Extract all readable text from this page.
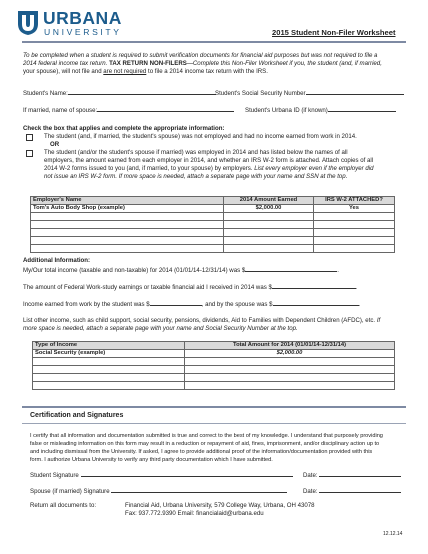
URBANA
UNIVERSITY	2015 Student Non-Filer Worksheet
To be completed when a student is required to submit verification documents for financial aid purposes but was not required to file a
2014 federal income tax return. TAX RETURN NON-FILERS—Complete this Non-Filer Worksheet if you, the student (and, if married,
your spouse), will not file and are not required to file a 2014 income tax return with the IRS.
Student's Name:	Student's Social Security Number
If married, name of spouse:	Student's Urbana ID (if known)
Check the box that applies and complete the appropriate information:
The student (and, if married, the student's spouse) was not employed and had no income earned from work in 2014.
OR
The student (and/or the student's spouse if married) was employed in 2014 and has listed below the names of all
employers, the amount earned from each employer in 2014, and whether an IRS W-2 form is attached. Attach copies of all
2014 W-2 forms issued to you (and, if married, to your spouse) by employers. List every employer even if the employer did
not issue an IRS W-2 form. If more space is needed, attach a separate page with your name and SSN at the top.
Employer's Name	2014 Amount Earned	IRS W-2 ATTACHED?
Tom's Auto Body Shop (example)	$2,000.00	Yes

Additional Information:
My/Our total income (taxable and non-taxable) for 2014 (01/01/14-12/31/14) was $	.
The amount of Federal Work-study earnings or taxable financial aid I received in 2014 was $	.
Income earned from work by the student was $	, and by the spouse was $	.
List other income, such as child support, social security, pensions, dividends, Aid to Families with Dependent Children (AFDC), etc. If
more space is needed, attach a separate page with your name and Social Security Number at the top.
Type of Income	Total Amount for 2014 (01/01/14-12/31/14)
Social Security (example)	$2,000.00

Certification and Signatures
I certify that all information and documentation submitted is true and correct to the best of my knowledge. I understand that purposely providing
false or misleading information on this form may result in a reduction or repayment of aid, fines, imprisonment, and/or disciplinary action up to
and including dismissal from the University. If asked, I agree to provide additional proof of the information/documentation provided with this
form. I authorize Urbana University to verify any third party documentation which I have submitted.
Student Signature	Date:
Spouse (if married) Signature	Date:
Return all documents to:	Financial Aid, Urbana University, 579 College Way, Urbana, OH 43078
Fax: 937.772.9390 Email: financialaid@urbana.edu
12.12.14
